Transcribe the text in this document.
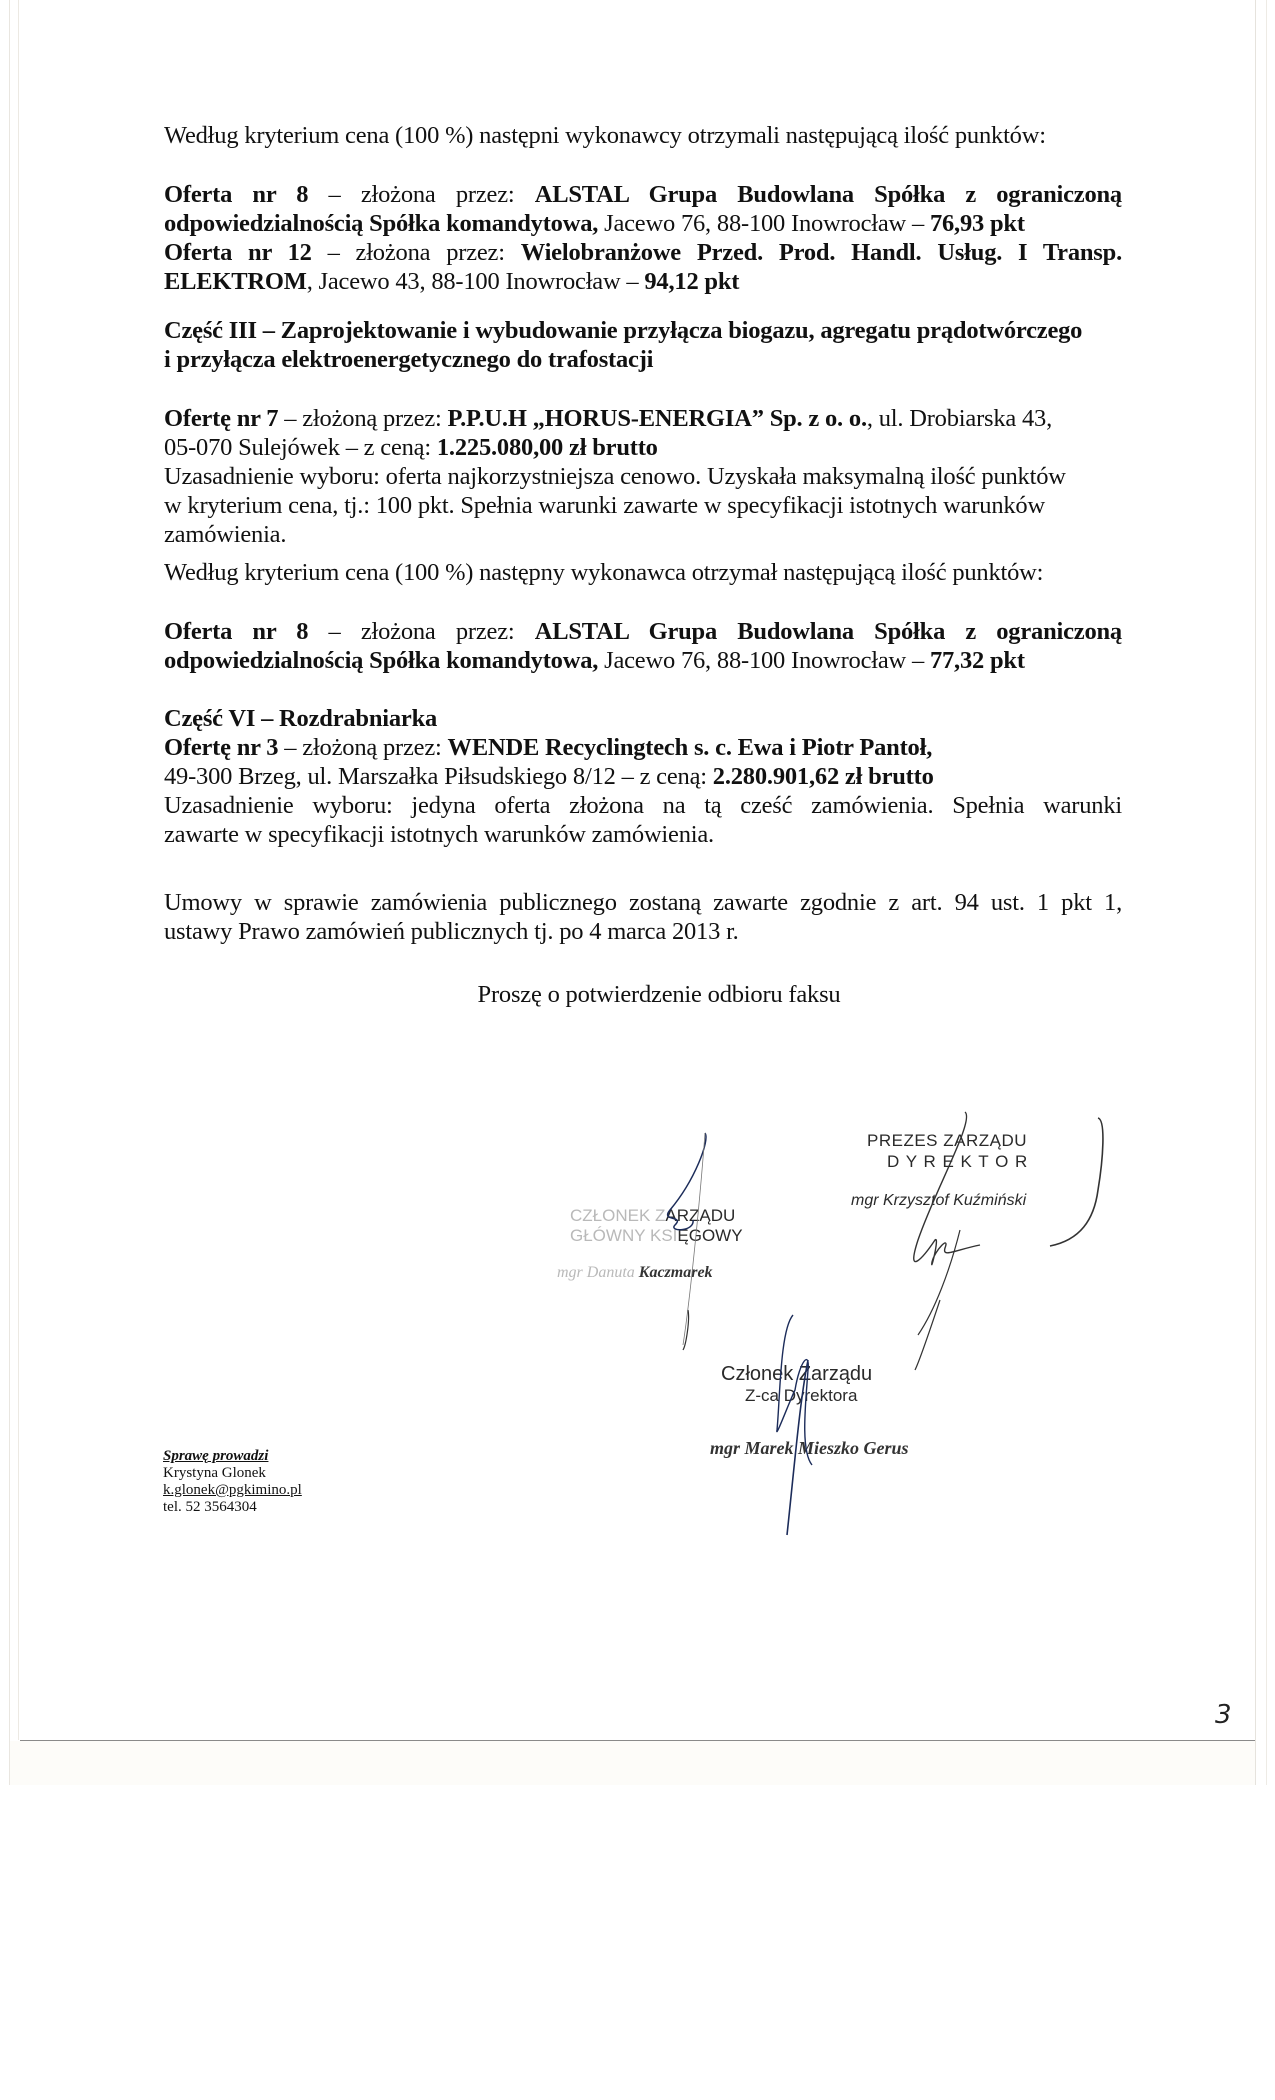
Według kryterium cena (100 %) następni wykonawcy otrzymali następującą ilość punktów:
Oferta nr 8 – złożona przez: ALSTAL Grupa Budowlana Spółka z ograniczoną
odpowiedzialnością Spółka komandytowa, Jacewo 76, 88-100 Inowrocław – 76,93 pkt
Oferta nr 12 – złożona przez: Wielobranżowe Przed. Prod. Handl. Usług. I Transp.
ELEKTROM, Jacewo 43, 88-100 Inowrocław – 94,12 pkt
Część III – Zaprojektowanie i wybudowanie przyłącza biogazu, agregatu prądotwórczego
i przyłącza elektroenergetycznego do trafostacji
Ofertę nr 7 – złożoną przez: P.P.U.H „HORUS-ENERGIA” Sp. z o. o., ul. Drobiarska 43,
05-070 Sulejówek – z ceną: 1.225.080,00 zł brutto
Uzasadnienie wyboru: oferta najkorzystniejsza cenowo. Uzyskała maksymalną ilość punktów
w kryterium cena, tj.: 100 pkt. Spełnia warunki zawarte w specyfikacji istotnych warunków
zamówienia.
Według kryterium cena (100 %) następny wykonawca otrzymał następującą ilość punktów:
Oferta nr 8 – złożona przez: ALSTAL Grupa Budowlana Spółka z ograniczoną
odpowiedzialnością Spółka komandytowa, Jacewo 76, 88-100 Inowrocław – 77,32 pkt
Część VI – Rozdrabniarka
Ofertę nr 3 – złożoną przez: WENDE Recyclingtech s. c. Ewa i Piotr Pantoł,
49-300 Brzeg, ul. Marszałka Piłsudskiego 8/12 – z ceną: 2.280.901,62 zł brutto
Uzasadnienie wyboru: jedyna oferta złożona na tą cześć zamówienia. Spełnia warunki
zawarte w specyfikacji istotnych warunków zamówienia.
Umowy w sprawie zamówienia publicznego zostaną zawarte zgodnie z art. 94 ust. 1 pkt 1,
ustawy Prawo zamówień publicznych tj. po 4 marca 2013 r.
Proszę o potwierdzenie odbioru faksu
PREZES ZARZĄDU
D Y R E K T O R
mgr Krzysztof Kuźmiński
CZŁONEK ZARZĄDU
GŁÓWNY KSIĘGOWY
mgr Danuta Kaczmarek
Członek Zarządu
Z-ca Dyrektora
mgr Marek Mieszko Gerus
Sprawę prowadzi
Krystyna Glonek
k.glonek@pgkimino.pl
tel. 52 3564304
3
